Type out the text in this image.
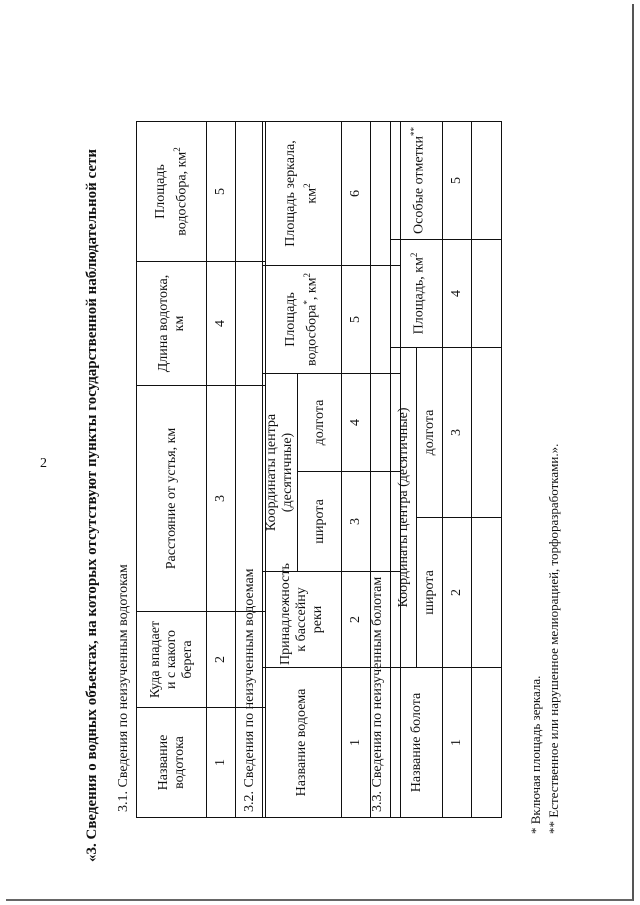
2 «3. Сведения о водных объектах, на которых отсутствуют пункты государственной наблюдательной сети 3.1. Сведения по неизученным водотокам Название водотока	Куда впадает
и с какого берега	Расстояние от устья, км	Длина водотока,
км	Площадь водосбора, $км^2$
1	2	3	4	5

3.2. Сведения по неизученным водоемам	Название водоема	Принадлежность
к бассейну реки	Координаты центра (десятичные)		Площадь водосбора*, $км^2$	Площадь зеркала, $км^2$
		широта	долгота		
1	2	3	4	5	6

3.3. Сведения по неизученным болотам Название болота	Координаты центра (десятичные)		Площадь, $км^2$	Особые отметки**
	широта	долгота		
1	2	3	4	5

* Включая площадь зеркала. ** Естественное или нарушенное мелиорацией, торфоразработками.».
